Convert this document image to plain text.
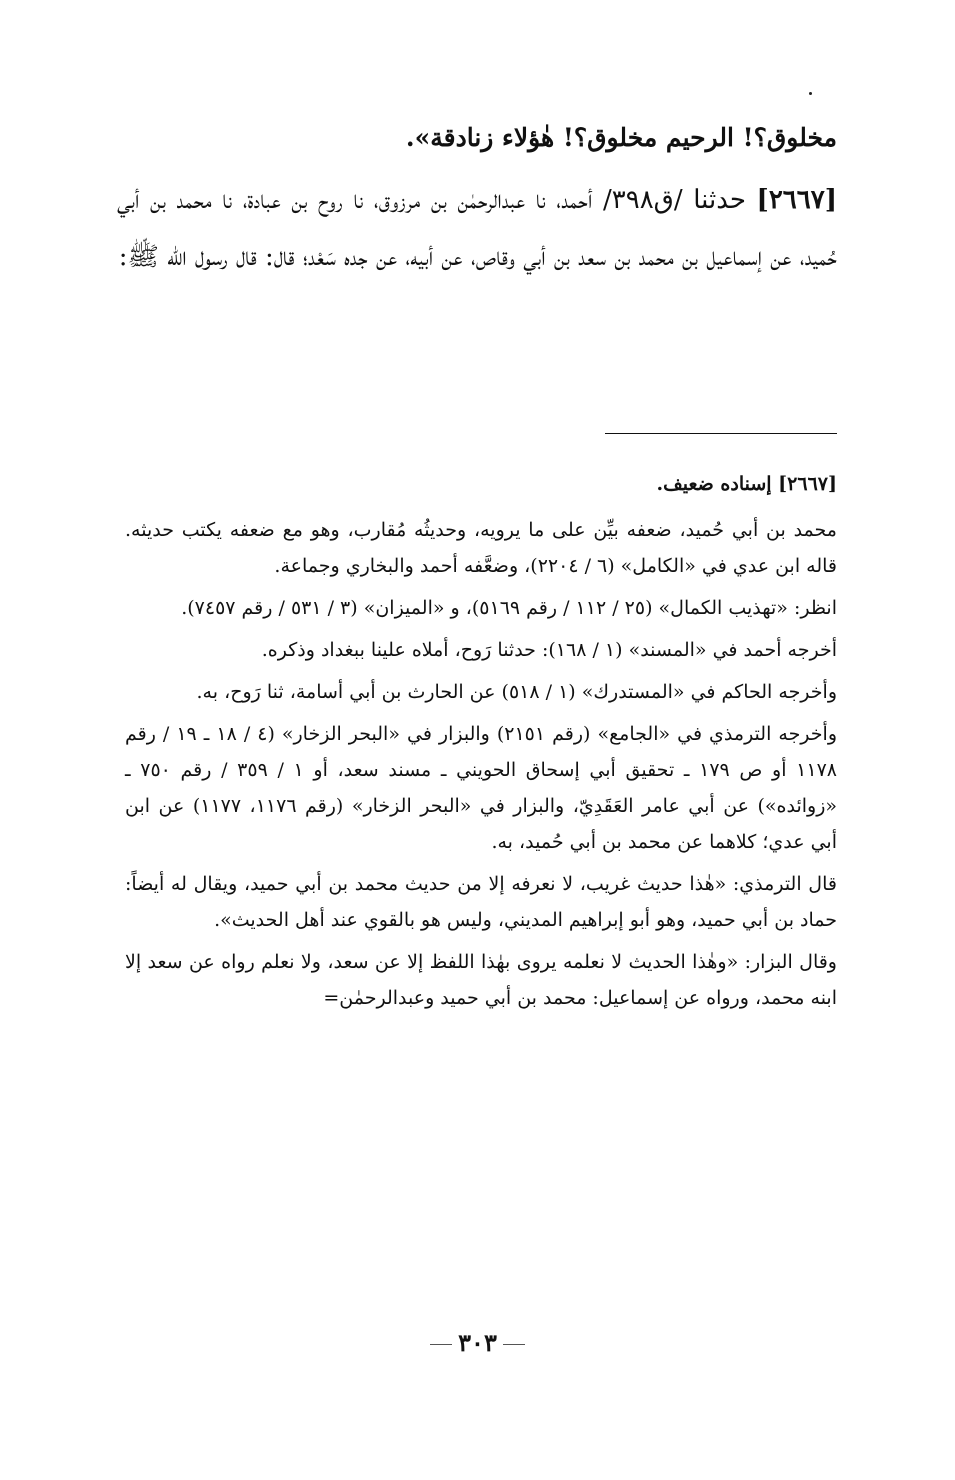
مخلوق؟! الرحيم مخلوق؟! هٰؤلاء زنادقة».

[٢٦٦٧] حدثنا /ق٣٩٨/ أحمد، نا عبدالرحمٰن بن مرزوق، نا روح بن عبادة، نا محمد بن أبي حُميد، عن إسماعيل بن محمد بن سعد بن أبي وقاص، عن أبيه، عن جده سَعْد؛ قال: قال رسول الله ﷺ:

[٢٦٦٧] إسناده ضعيف.

محمد بن أبي حُميد، ضعفه بيِّن على ما يرويه، وحديثُه مُقارب، وهو مع ضعفه يكتب حديثه. قاله ابن عدي في «الكامل» (٦ / ٢٢٠٤)، وضعَّفه أحمد والبخاري وجماعة.

انظر: «تهذيب الكمال» (٢٥ / ١١٢ / رقم ٥١٦٩)، و «الميزان» (٣ / ٥٣١ / رقم ٧٤٥٧).

أخرجه أحمد في «المسند» (١ / ١٦٨): حدثنا رَوح، أملاه علينا ببغداد وذكره.

وأخرجه الحاكم في «المستدرك» (١ / ٥١٨) عن الحارث بن أبي أسامة، ثنا رَوح، به.

وأخرجه الترمذي في «الجامع» (رقم ٢١٥١) والبزار في «البحر الزخار» (٤ / ١٨ ـ ١٩ / رقم ١١٧٨ أو ص ١٧٩ ـ تحقيق أبي إسحاق الحويني ـ مسند سعد، أو ١ / ٣٥٩ / رقم ٧٥٠ ـ «زوائده») عن أبي عامر العَقَدِيّ، والبزار في «البحر الزخار» (رقم ١١٧٦، ١١٧٧) عن ابن أبي عدي؛ كلاهما عن محمد بن أبي حُميد، به.

قال الترمذي: «هٰذا حديث غريب، لا نعرفه إلا من حديث محمد بن أبي حميد، ويقال له أيضاً: حماد بن أبي حميد، وهو أبو إبراهيم المديني، وليس هو بالقوي عند أهل الحديث».

وقال البزار: «وهٰذا الحديث لا نعلمه يروى بهٰذا اللفظ إلا عن سعد، ولا نعلم رواه عن سعد إلا ابنه محمد، ورواه عن إسماعيل: محمد بن أبي حميد وعبدالرحمٰن=

٣٠٣
